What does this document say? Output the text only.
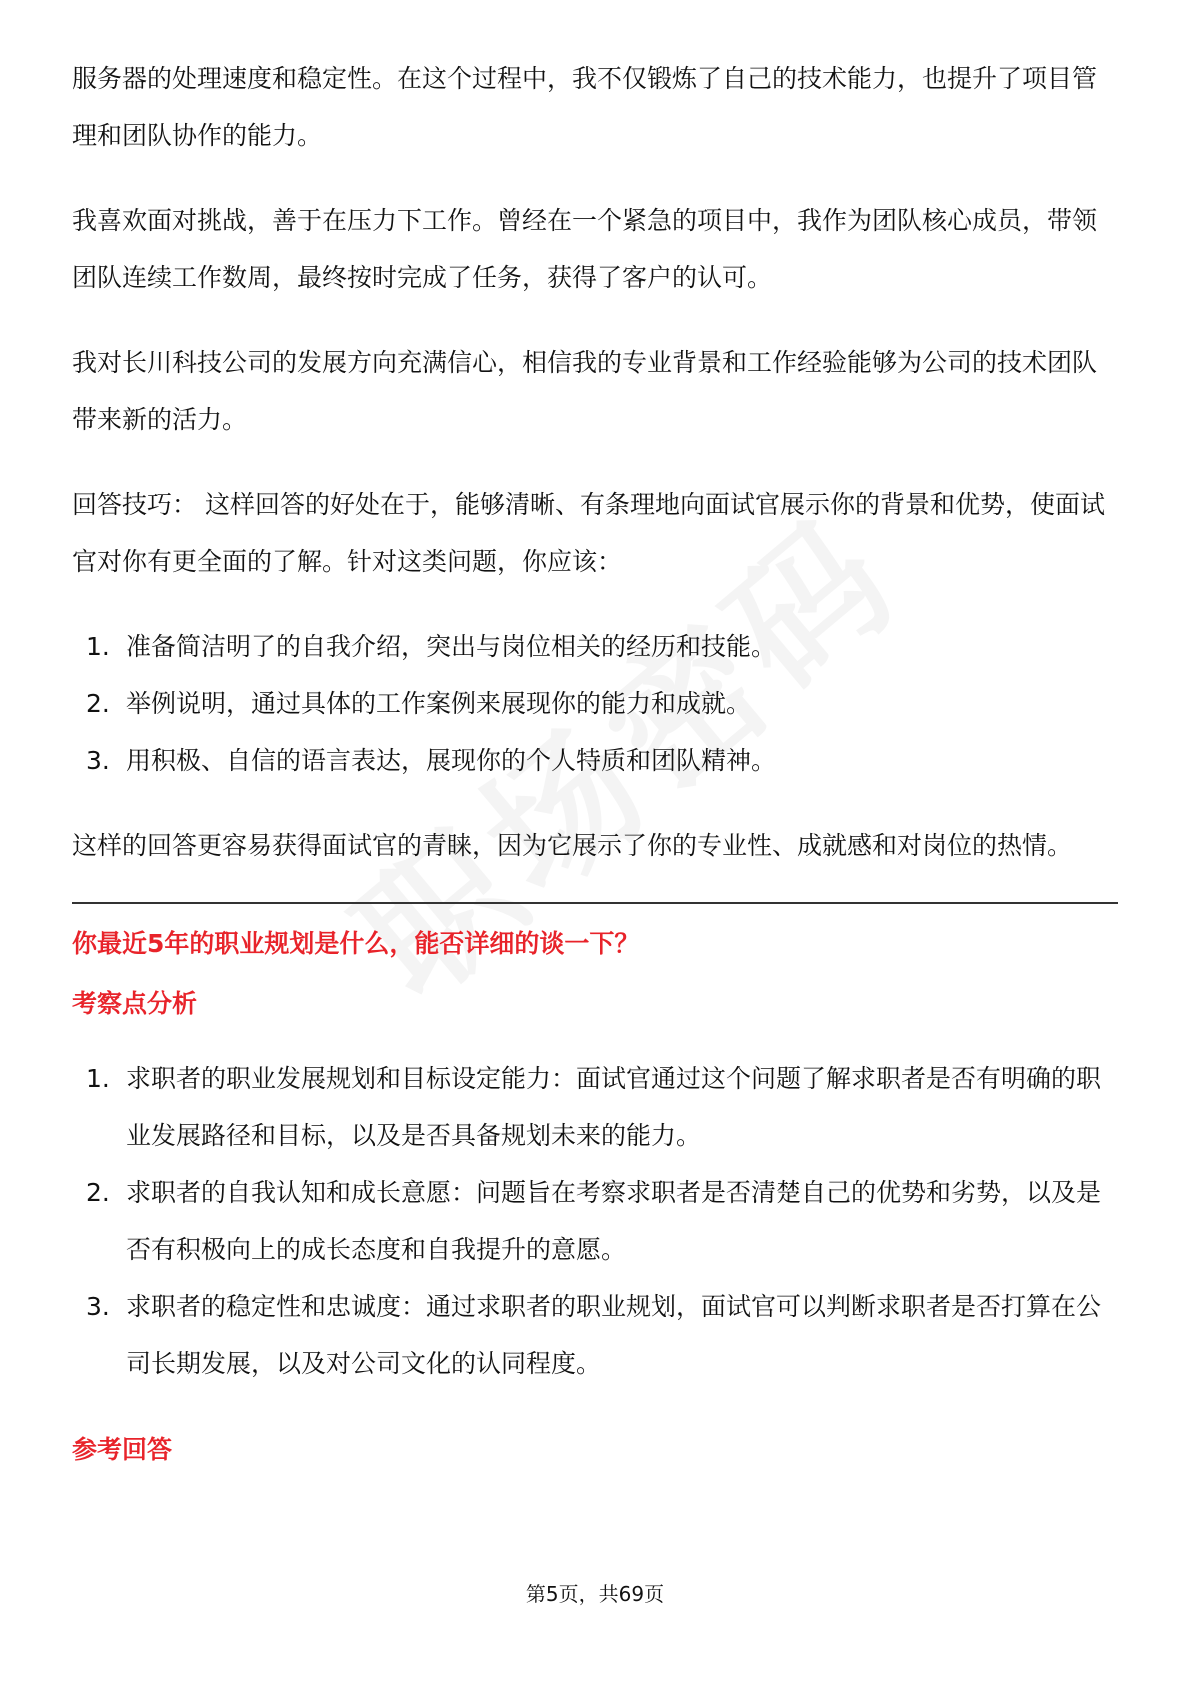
服务器的处理速度和稳定性。在这个过程中，我不仅锻炼了自己的技术能力，也提升了项目管理和团队协作的能力。

我喜欢面对挑战，善于在压力下工作。曾经在一个紧急的项目中，我作为团队核心成员，带领团队连续工作数周，最终按时完成了任务，获得了客户的认可。

我对长川科技公司的发展方向充满信心，相信我的专业背景和工作经验能够为公司的技术团队带来新的活力。

回答技巧： 这样回答的好处在于，能够清晰、有条理地向面试官展示你的背景和优势，使面试官对你有更全面的了解。针对这类问题，你应该：

1. 准备简洁明了的自我介绍，突出与岗位相关的经历和技能。
2. 举例说明，通过具体的工作案例来展现你的能力和成就。
3. 用积极、自信的语言表达，展现你的个人特质和团队精神。

这样的回答更容易获得面试官的青睐，因为它展示了你的专业性、成就感和对岗位的热情。

你最近5年的职业规划是什么，能否详细的谈一下？
考察点分析
1. 求职者的职业发展规划和目标设定能力：面试官通过这个问题了解求职者是否有明确的职业发展路径和目标，以及是否具备规划未来的能力。
2. 求职者的自我认知和成长意愿：问题旨在考察求职者是否清楚自己的优势和劣势，以及是否有积极向上的成长态度和自我提升的意愿。
3. 求职者的稳定性和忠诚度：通过求职者的职业规划，面试官可以判断求职者是否打算在公司长期发展，以及对公司文化的认同程度。
参考回答
第5页，共69页
